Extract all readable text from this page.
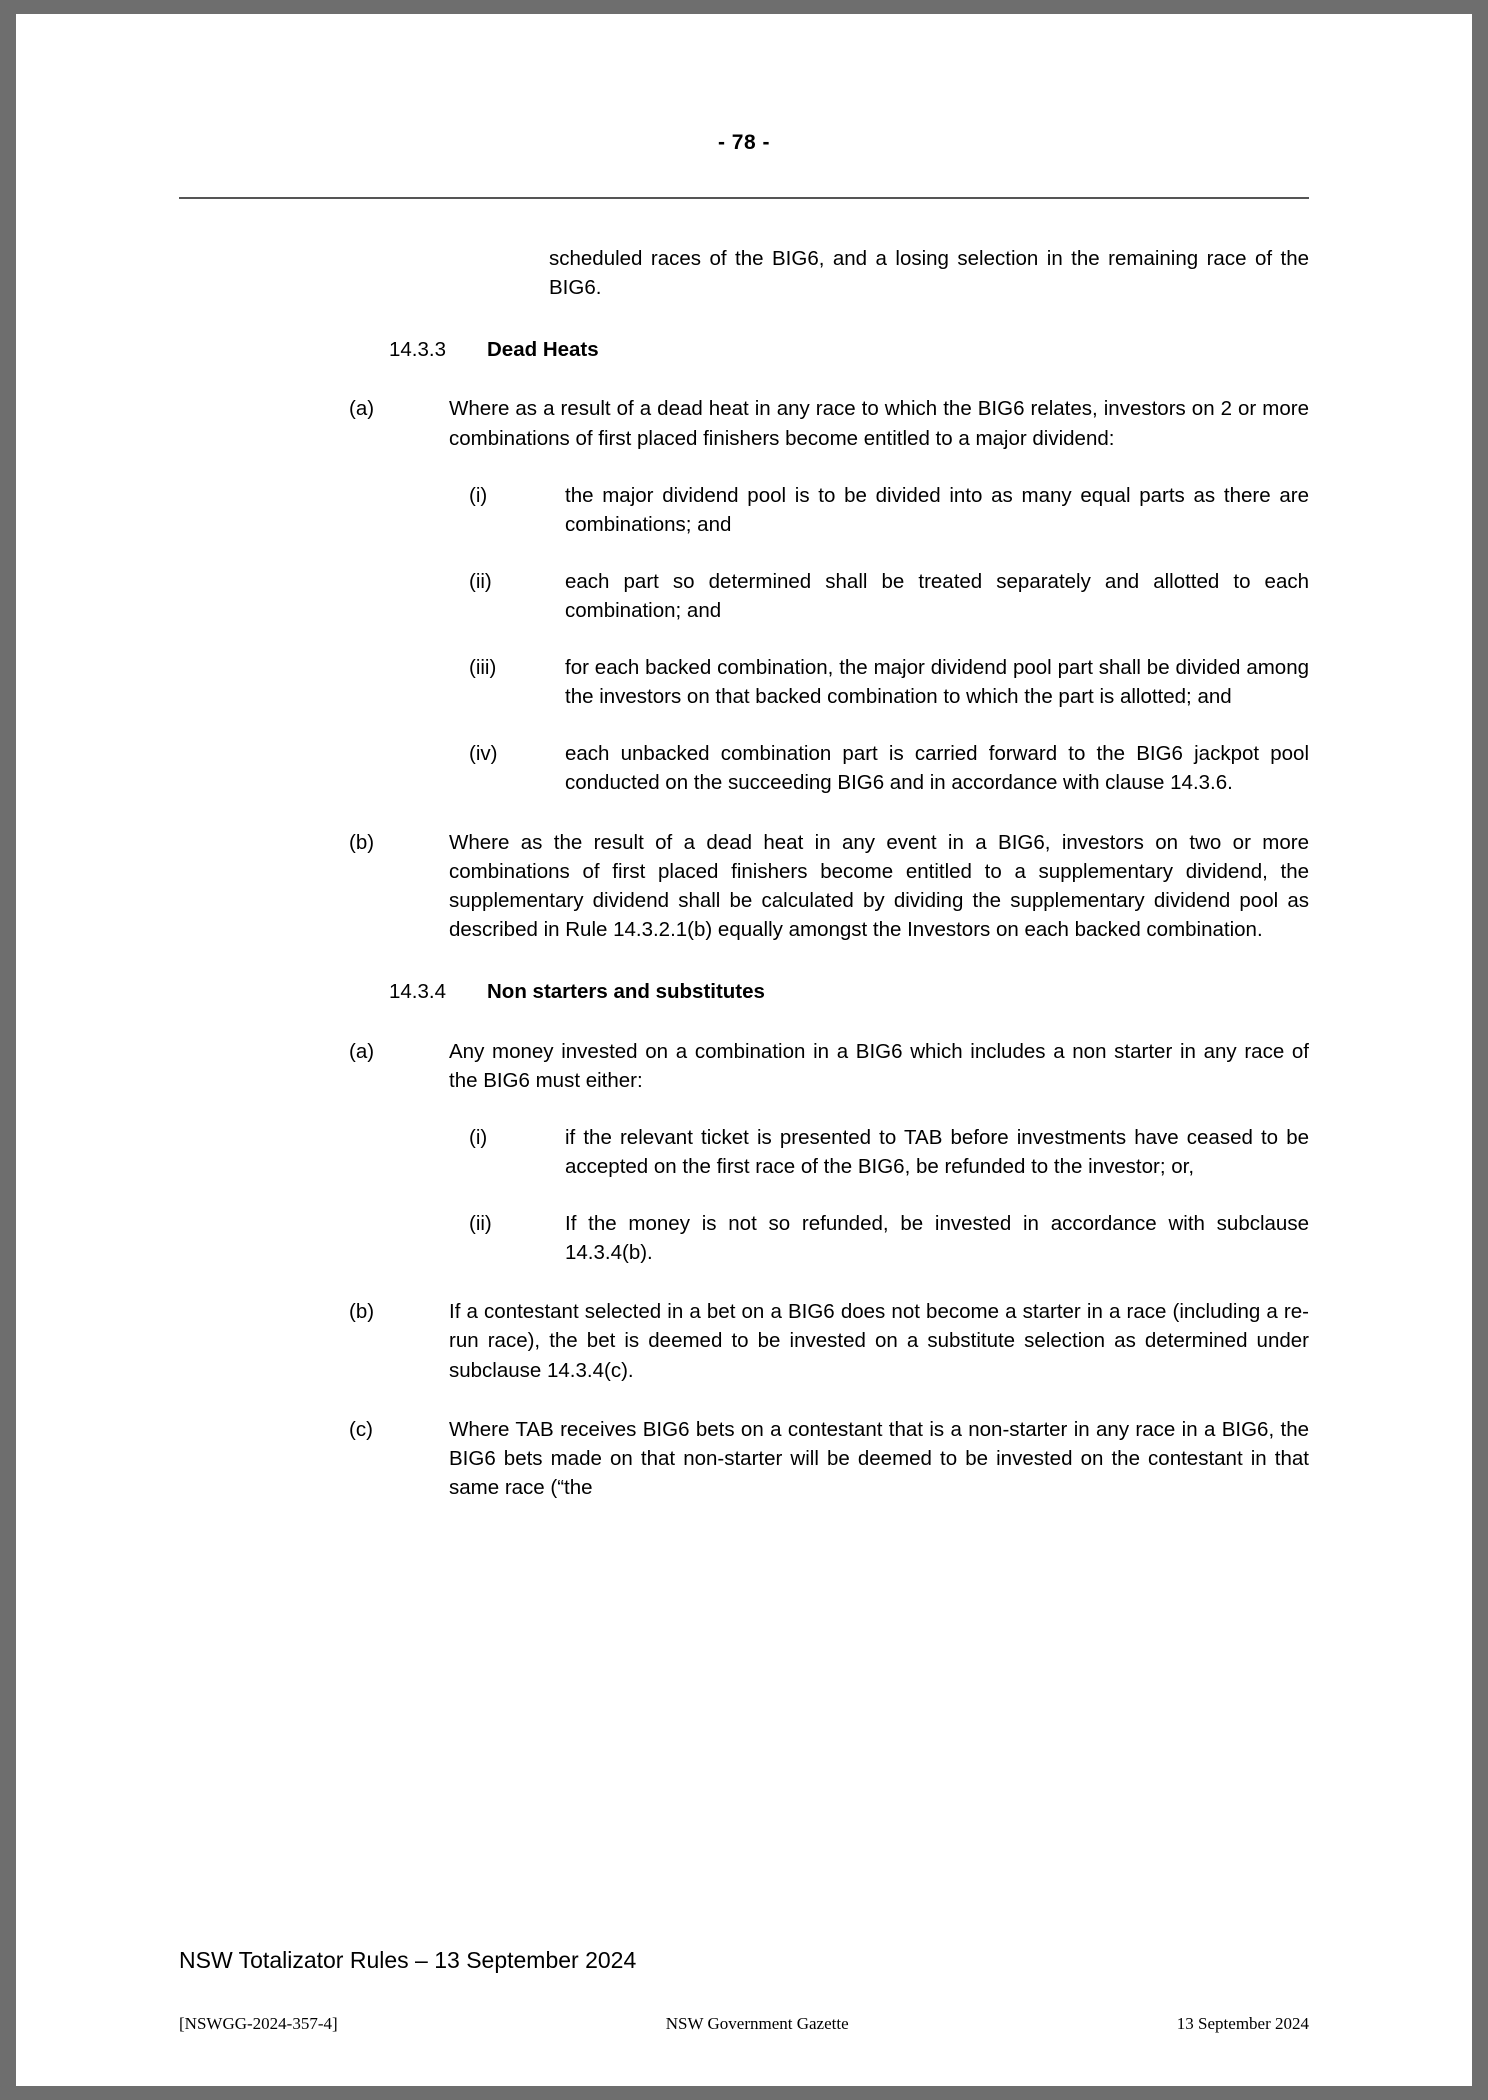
- 78 -

scheduled races of the BIG6, and a losing selection in the remaining race of the BIG6.

14.3.3	Dead Heats
(a)	Where as a result of a dead heat in any race to which the BIG6 relates, investors on 2 or more combinations of first placed finishers become entitled to a major dividend:
(i)	the major dividend pool is to be divided into as many equal parts as there are combinations; and
(ii)	each part so determined shall be treated separately and allotted to each combination; and
(iii)	for each backed combination, the major dividend pool part shall be divided among the investors on that backed combination to which the part is allotted; and
(iv)	each unbacked combination part is carried forward to the BIG6 jackpot pool conducted on the succeeding BIG6 and in accordance with clause 14.3.6.
(b)	Where as the result of a dead heat in any event in a BIG6, investors on two or more combinations of first placed finishers become entitled to a supplementary dividend, the supplementary dividend shall be calculated by dividing the supplementary dividend pool as described in Rule 14.3.2.1(b) equally amongst the Investors on each backed combination.
14.3.4	Non starters and substitutes
(a)	Any money invested on a combination in a BIG6 which includes a non starter in any race of the BIG6 must either:
(i)	if the relevant ticket is presented to TAB before investments have ceased to be accepted on the first race of the BIG6, be refunded to the investor; or,
(ii)	If the money is not so refunded, be invested in accordance with subclause 14.3.4(b).
(b)	If a contestant selected in a bet on a BIG6 does not become a starter in a race (including a re-run race), the bet is deemed to be invested on a substitute selection as determined under subclause 14.3.4(c).
(c)	Where TAB receives BIG6 bets on a contestant that is a non-starter in any race in a BIG6, the BIG6 bets made on that non-starter will be deemed to be invested on the contestant in that same race (“the
NSW Totalizator Rules – 13 September 2024
[NSWGG-2024-357-4]	NSW Government Gazette	13 September 2024
